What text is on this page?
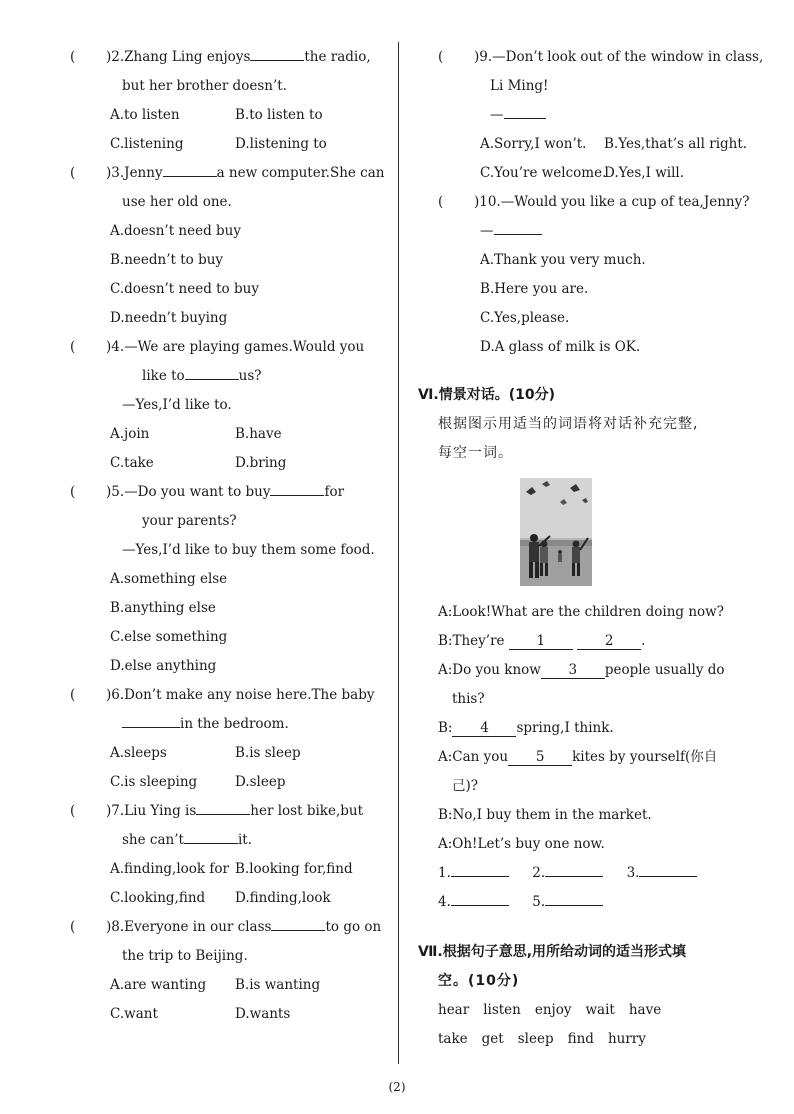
( )2.Zhang Ling enjoys	the radio,
but her brother doesn’t.
A.to listen	B.to listen to
C.listening	D.listening to
( )3.Jenny	a new computer.She can
use her old one.
A.doesn’t need buy
B.needn’t to buy
C.doesn’t need to buy
D.needn’t buying
( )4.—We are playing games.Would you
like to	us?
—Yes,I’d like to.
A.join	B.have
C.take	D.bring
( )5.—Do you want to buy	for
your parents?
—Yes,I’d like to buy them some food.
A.something else
B.anything else
C.else something
D.else anything
( )6.Don’t make any noise here.The baby
in the bedroom.
A.sleeps	B.is sleep
C.is sleeping	D.sleep
( )7.Liu Ying is	her lost bike,but
she can’t	it.
A.finding,look for B.looking for,find
C.looking,find D.finding,look
( )8.Everyone in our class	to go on
the trip to Beijing.
A.are wanting B.is wanting
C.want	D.wants
( )9.—Don’t look out of the window in class,
Li Ming!
—
A.Sorry,I won’t. B.Yes,that’s all right.
C.You’re welcome.D.Yes,I will.
( )10.—Would you like a cup of tea,Jenny?
—
A.Thank you very much.
B.Here you are.
C.Yes,please.
D.A glass of milk is OK.
Ⅵ.情景对话。(10分)
根据图示用适当的词语将对话补充完整,
每空一词。
A:Look!What are the children doing now?
B:They’re 1	2 .
A:Do you know 3 people usually do
this?
B: 4 spring,I think.
A:Can you 5 kites by yourself(你自
己)?
B:No,I buy them in the market.
A:Oh!Let’s buy one now.
1.	2.	3.
4.	5.
Ⅶ.根据句子意思,用所给动词的适当形式填
空。(10分)
hear listen enjoy wait have
take get sleep find hurry
(2)
